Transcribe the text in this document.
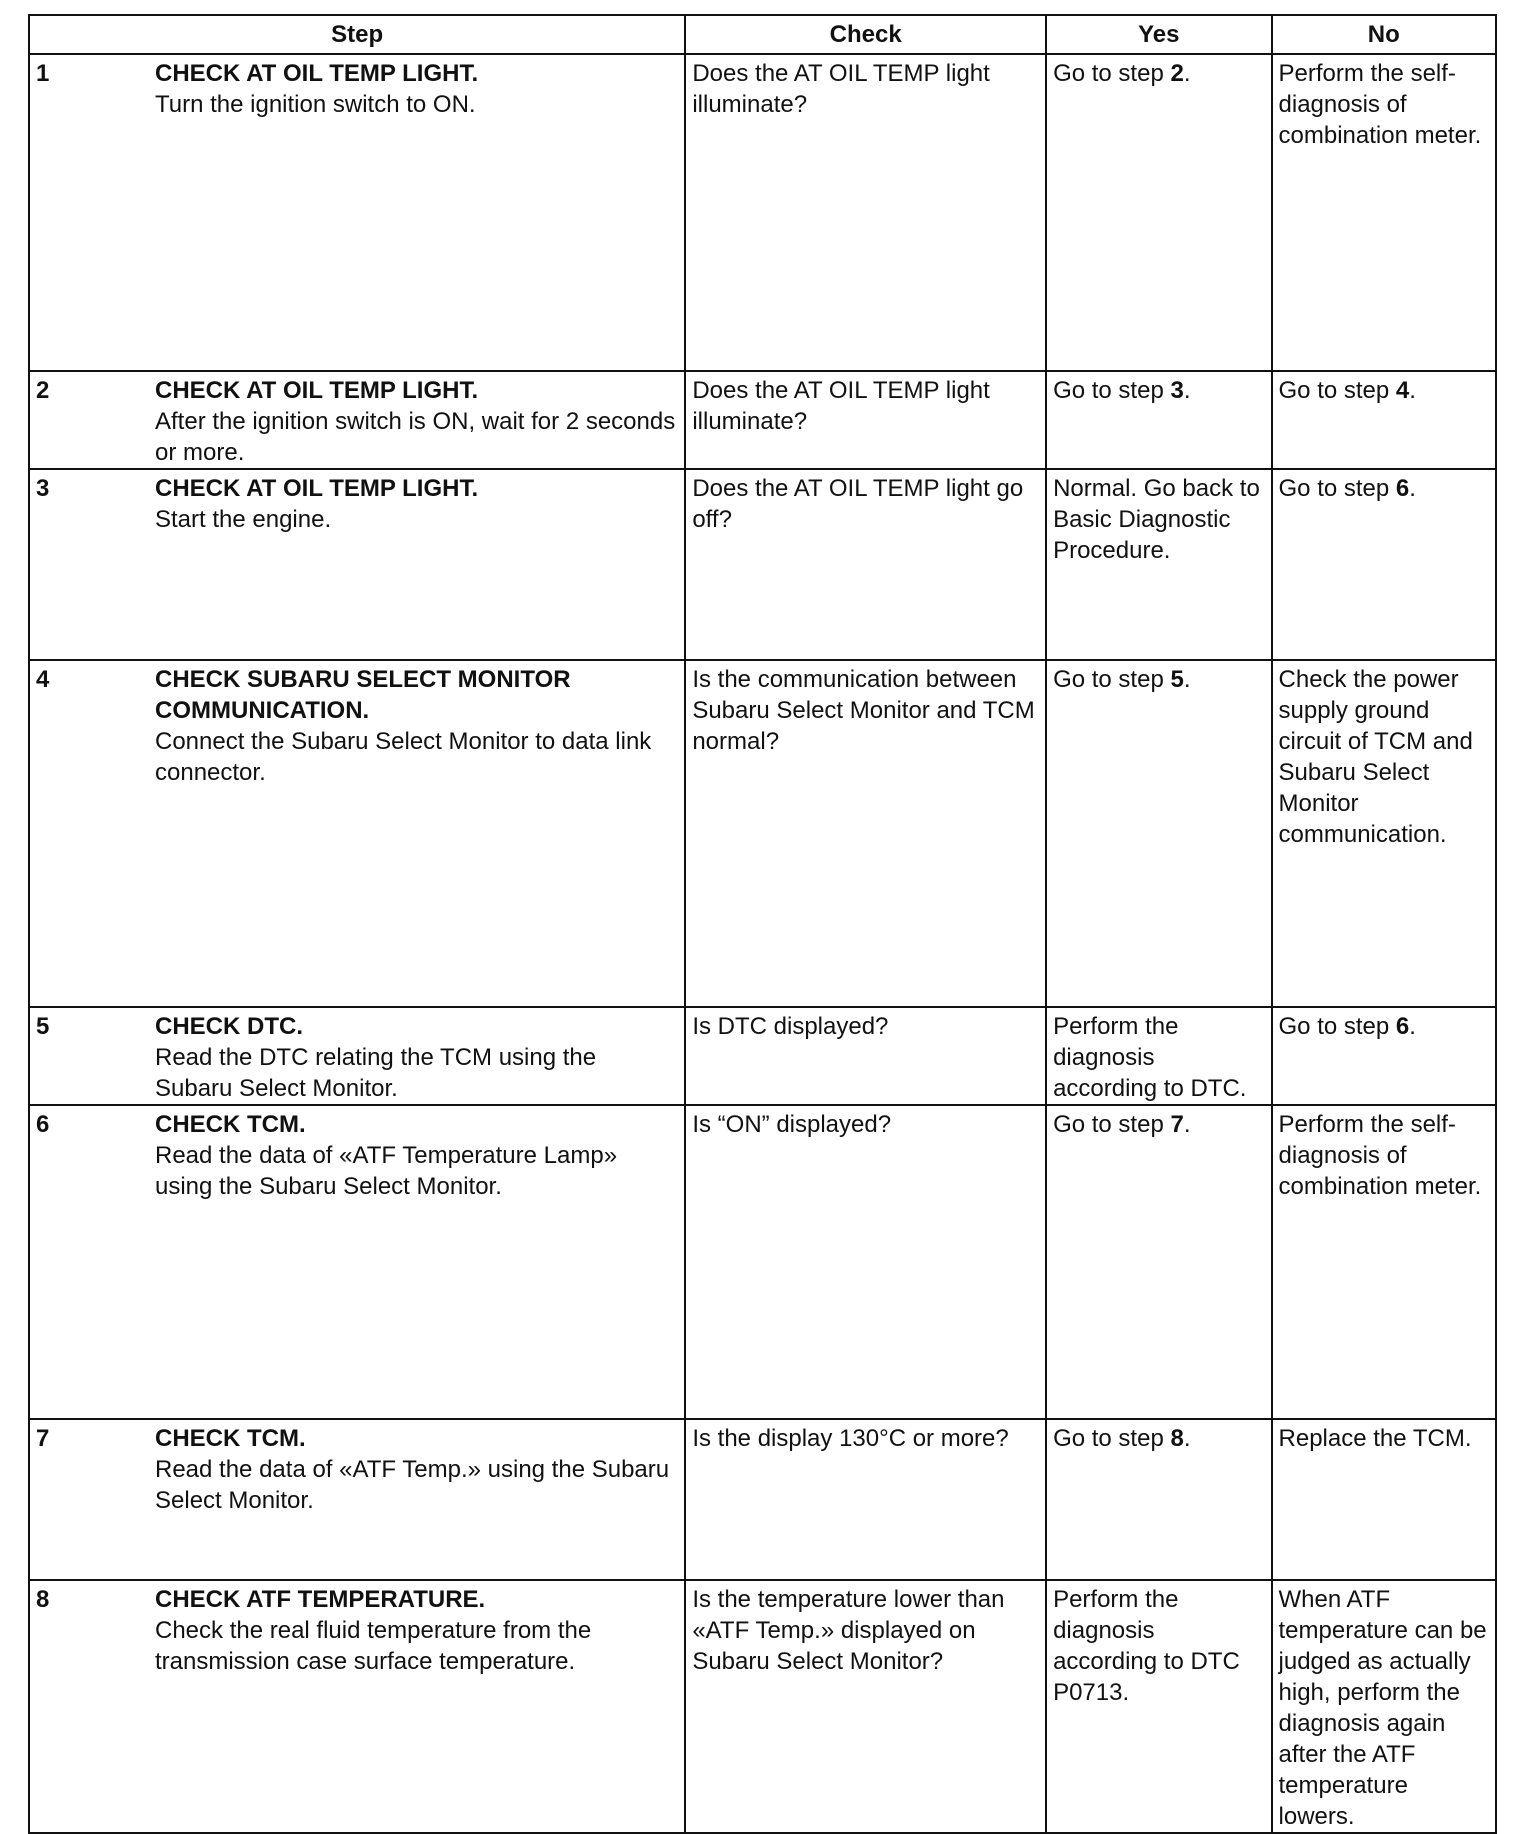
Step	Check	Yes	No

1 CHECK AT OIL TEMP LIGHT.
Turn the ignition switch to ON.	Does the AT OIL TEMP light illuminate?	Go to step 2.	Perform the self-diagnosis of combination meter.

2 CHECK AT OIL TEMP LIGHT.
After the ignition switch is ON, wait for 2 seconds or more.	Does the AT OIL TEMP light illuminate?	Go to step 3.	Go to step 4.

3 CHECK AT OIL TEMP LIGHT.
Start the engine.	Does the AT OIL TEMP light go off?	Normal. Go back to Basic Diagnostic Procedure.	Go to step 6.

4 CHECK SUBARU SELECT MONITOR COMMUNICATION.
Connect the Subaru Select Monitor to data link connector.	Is the communication between Subaru Select Monitor and TCM normal?	Go to step 5.	Check the power supply ground circuit of TCM and Subaru Select Monitor communication.

5 CHECK DTC.
Read the DTC relating the TCM using the Subaru Select Monitor.	Is DTC displayed?	Perform the diagnosis according to DTC.	Go to step 6.

6 CHECK TCM.
Read the data of «ATF Temperature Lamp» using the Subaru Select Monitor.	Is “ON” displayed?	Go to step 7.	Perform the self-diagnosis of combination meter.

7 CHECK TCM.
Read the data of «ATF Temp.» using the Subaru Select Monitor.	Is the display 130°C or more?	Go to step 8.	Replace the TCM.

8 CHECK ATF TEMPERATURE.
Check the real fluid temperature from the transmission case surface temperature.	Is the temperature lower than «ATF Temp.» displayed on Subaru Select Monitor?	Perform the diagnosis according to DTC P0713.	When ATF temperature can be judged as actually high, perform the diagnosis again after the ATF temperature lowers.
